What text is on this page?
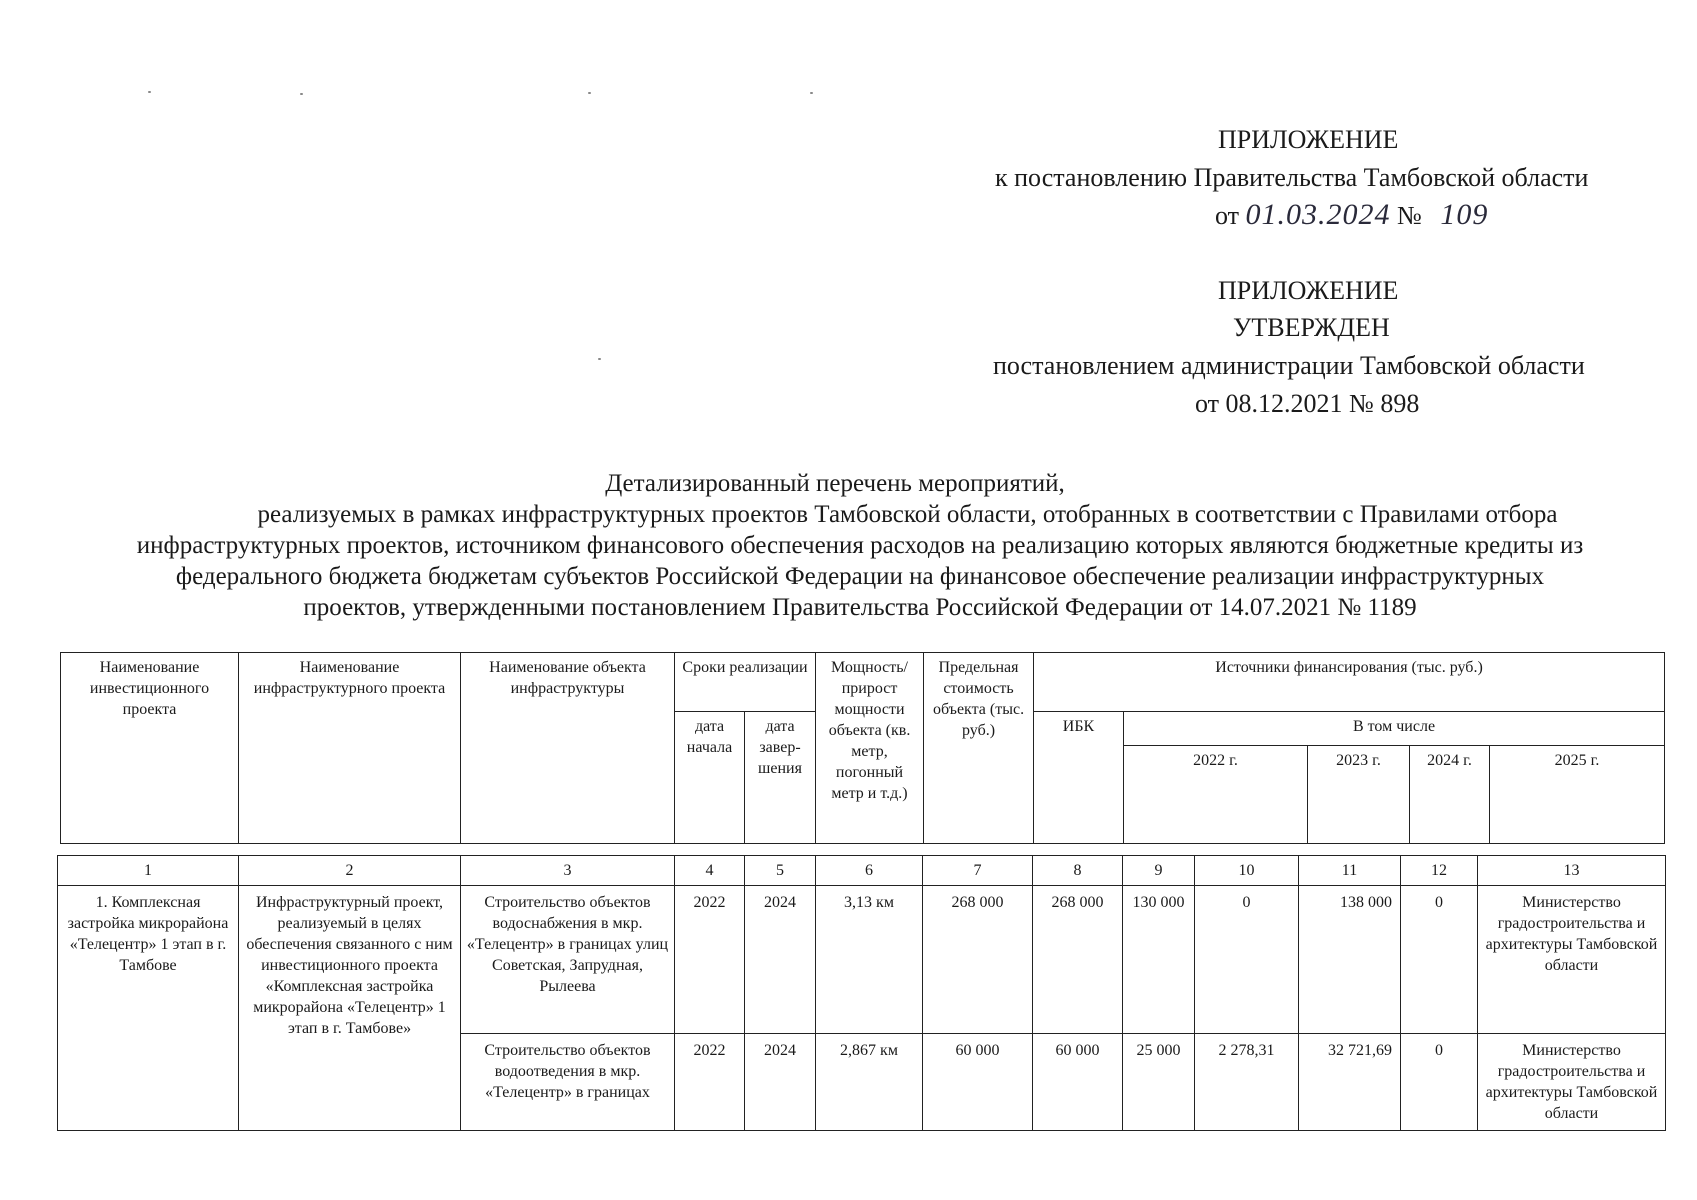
ПРИЛОЖЕНИЕ
к постановлению Правительства Тамбовской области
от 01.03.2024 № 109
ПРИЛОЖЕНИЕ
УТВЕРЖДЕН
постановлением администрации Тамбовской области
от 08.12.2021 № 898
Детализированный перечень мероприятий,
реализуемых в рамках инфраструктурных проектов Тамбовской области, отобранных в соответствии с Правилами отбора
инфраструктурных проектов, источником финансового обеспечения расходов на реализацию которых являются бюджетные кредиты из
федерального бюджета бюджетам субъектов Российской Федерации на финансовое обеспечение реализации инфраструктурных
проектов, утвержденными постановлением Правительства Российской Федерации от 14.07.2021 № 1189
Наименование инвестиционного проекта	Наименование инфраструктурного проекта	Наименование объекта инфраструктуры	Сроки реализации		Мощность/ прирост мощности объекта (кв. метр, погонный метр и т.д.)	Предельная стоимость объекта (тыс. руб.)	Источники финансирования (тыс. руб.)	
			дата начала	дата завер-шения			ИБК	В том числе				
								2022 г.	2023 г.	2024 г.	2025 г.	
1	2	3	4	5	6	7	8	9	10	11	12	13
1. Комплексная застройка микрорайона «Телецентр» 1 этап в г. Тамбове	Инфраструктурный проект, реализуемый в целях обеспечения связанного с ним инвестиционного проекта «Комплексная застройка микрорайона «Телецентр» 1 этап в г. Тамбове»	Строительство объектов водоснабжения в мкр. «Телецентр» в границах улиц Советская, Запрудная, Рылеева	2022	2024	3,13 км	268 000	268 000	130 000	0	138 000	0	Министерство градостроительства и архитектуры Тамбовской области
		Строительство объектов водоотведения в мкр. «Телецентр» в границах	2022	2024	2,867 км	60 000	60 000	25 000	2 278,31	32 721,69	0	Министерство градостроительства и архитектуры Тамбовской области
